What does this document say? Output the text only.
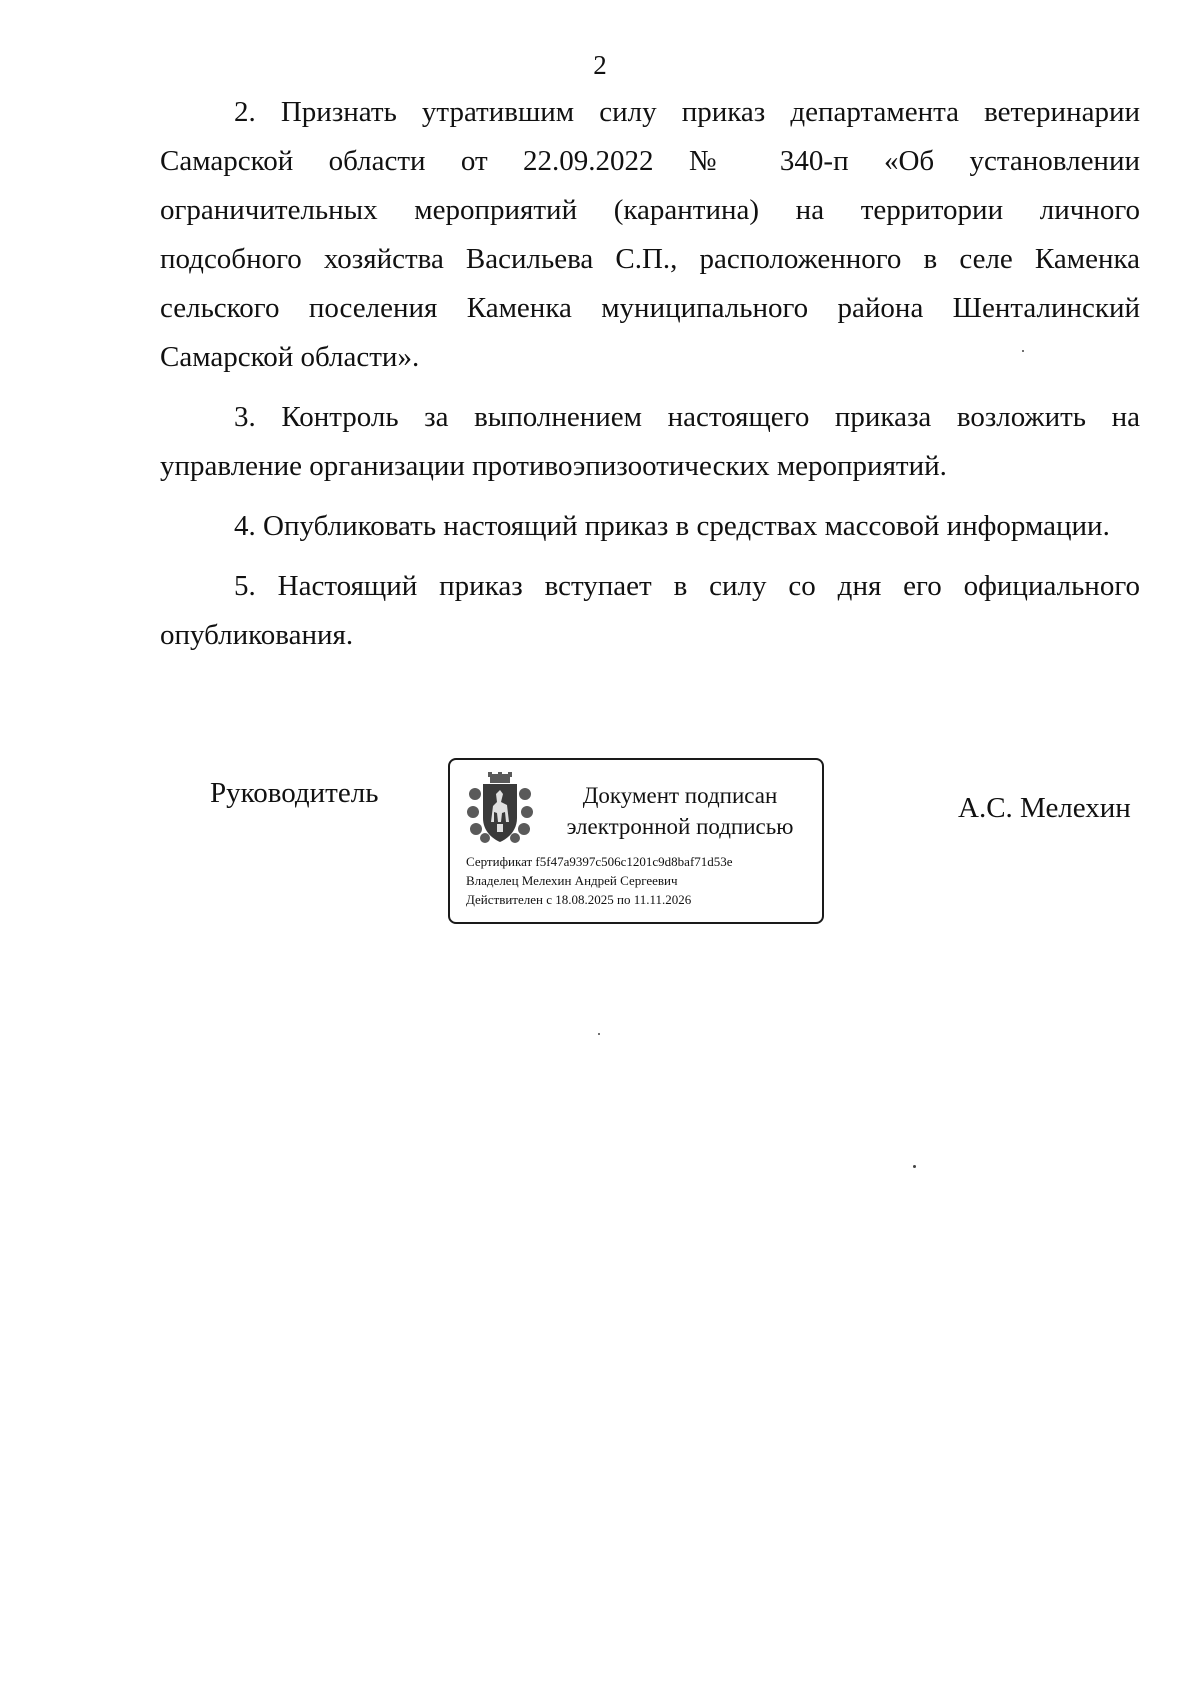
2

2. Признать утратившим силу приказ департамента ветеринарии Самарской области от 22.09.2022 № 340-п «Об установлении ограничительных мероприятий (карантина) на территории личного подсобного хозяйства Васильева С.П., расположенного в селе Каменка сельского поселения Каменка муниципального района Шенталинский Самарской области».

3. Контроль за выполнением настоящего приказа возложить на управление организации противоэпизоотических мероприятий.

4. Опубликовать настоящий приказ в средствах массовой информации.

5. Настоящий приказ вступает в силу со дня его официального опубликования.

Руководитель	Документ подписан
электронной подписью
Сертификат f5f47a9397c506c1201c9d8baf71d53e
Владелец Мелехин Андрей Сергеевич
Действителен с 18.08.2025 по 11.11.2026
А.С. Мелехин
